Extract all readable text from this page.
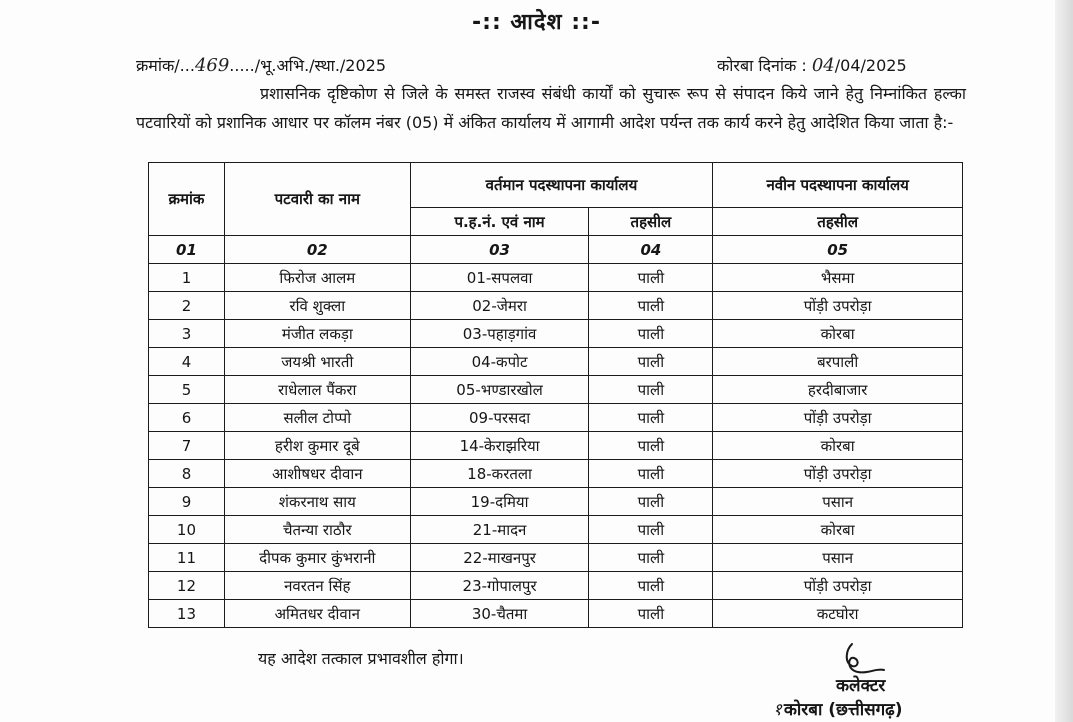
-:: आदेश ::-
क्रमांक/...469...../भू.अभि./स्था./2025	कोरबा दिनांक : 04/04/2025
प्रशासनिक दृष्टिकोण से जिले के समस्त राजस्व संबंधी कार्यों को सुचारू रूप से संपादन किये जाने हेतु निम्नांकित हल्का पटवारियों को प्रशानिक आधार पर कॉलम नंबर (05) में अंकित कार्यालय में आगामी आदेश पर्यन्त तक कार्य करने हेतु आदेशित किया जाता है:-
क्रमांक	पटवारी का नाम	वर्तमान पदस्थापना कार्यालय		नवीन पदस्थापना कार्यालय
		प.ह.नं. एवं नाम	तहसील	तहसील
01	02	03	04	05
1	फिरोज आलम	01-सपलवा	पाली	भैसमा
2	रवि शुक्ला	02-जेमरा	पाली	पोंड़ी उपरोड़ा
3	मंजीत लकड़ा	03-पहाड़गांव	पाली	कोरबा
4	जयश्री भारती	04-कपोट	पाली	बरपाली
5	राधेलाल पैंकरा	05-भण्डारखोल	पाली	हरदीबाजार
6	सलील टोप्पो	09-परसदा	पाली	पोंड़ी उपरोड़ा
7	हरीश कुमार दूबे	14-केराझरिया	पाली	कोरबा
8	आशीषधर दीवान	18-करतला	पाली	पोंड़ी उपरोड़ा
9	शंकरनाथ साय	19-दमिया	पाली	पसान
10	चैतन्या राठौर	21-मादन	पाली	कोरबा
11	दीपक कुमार कुंभरानी	22-माखनपुर	पाली	पसान
12	नवरतन सिंह	23-गोपालपुर	पाली	पोंड़ी उपरोड़ा
13	अमितधर दीवान	30-चैतमा	पाली	कटघोरा
यह आदेश तत्काल प्रभावशील होगा।
कलेक्टर
१ कोरबा (छत्तीसगढ़)
